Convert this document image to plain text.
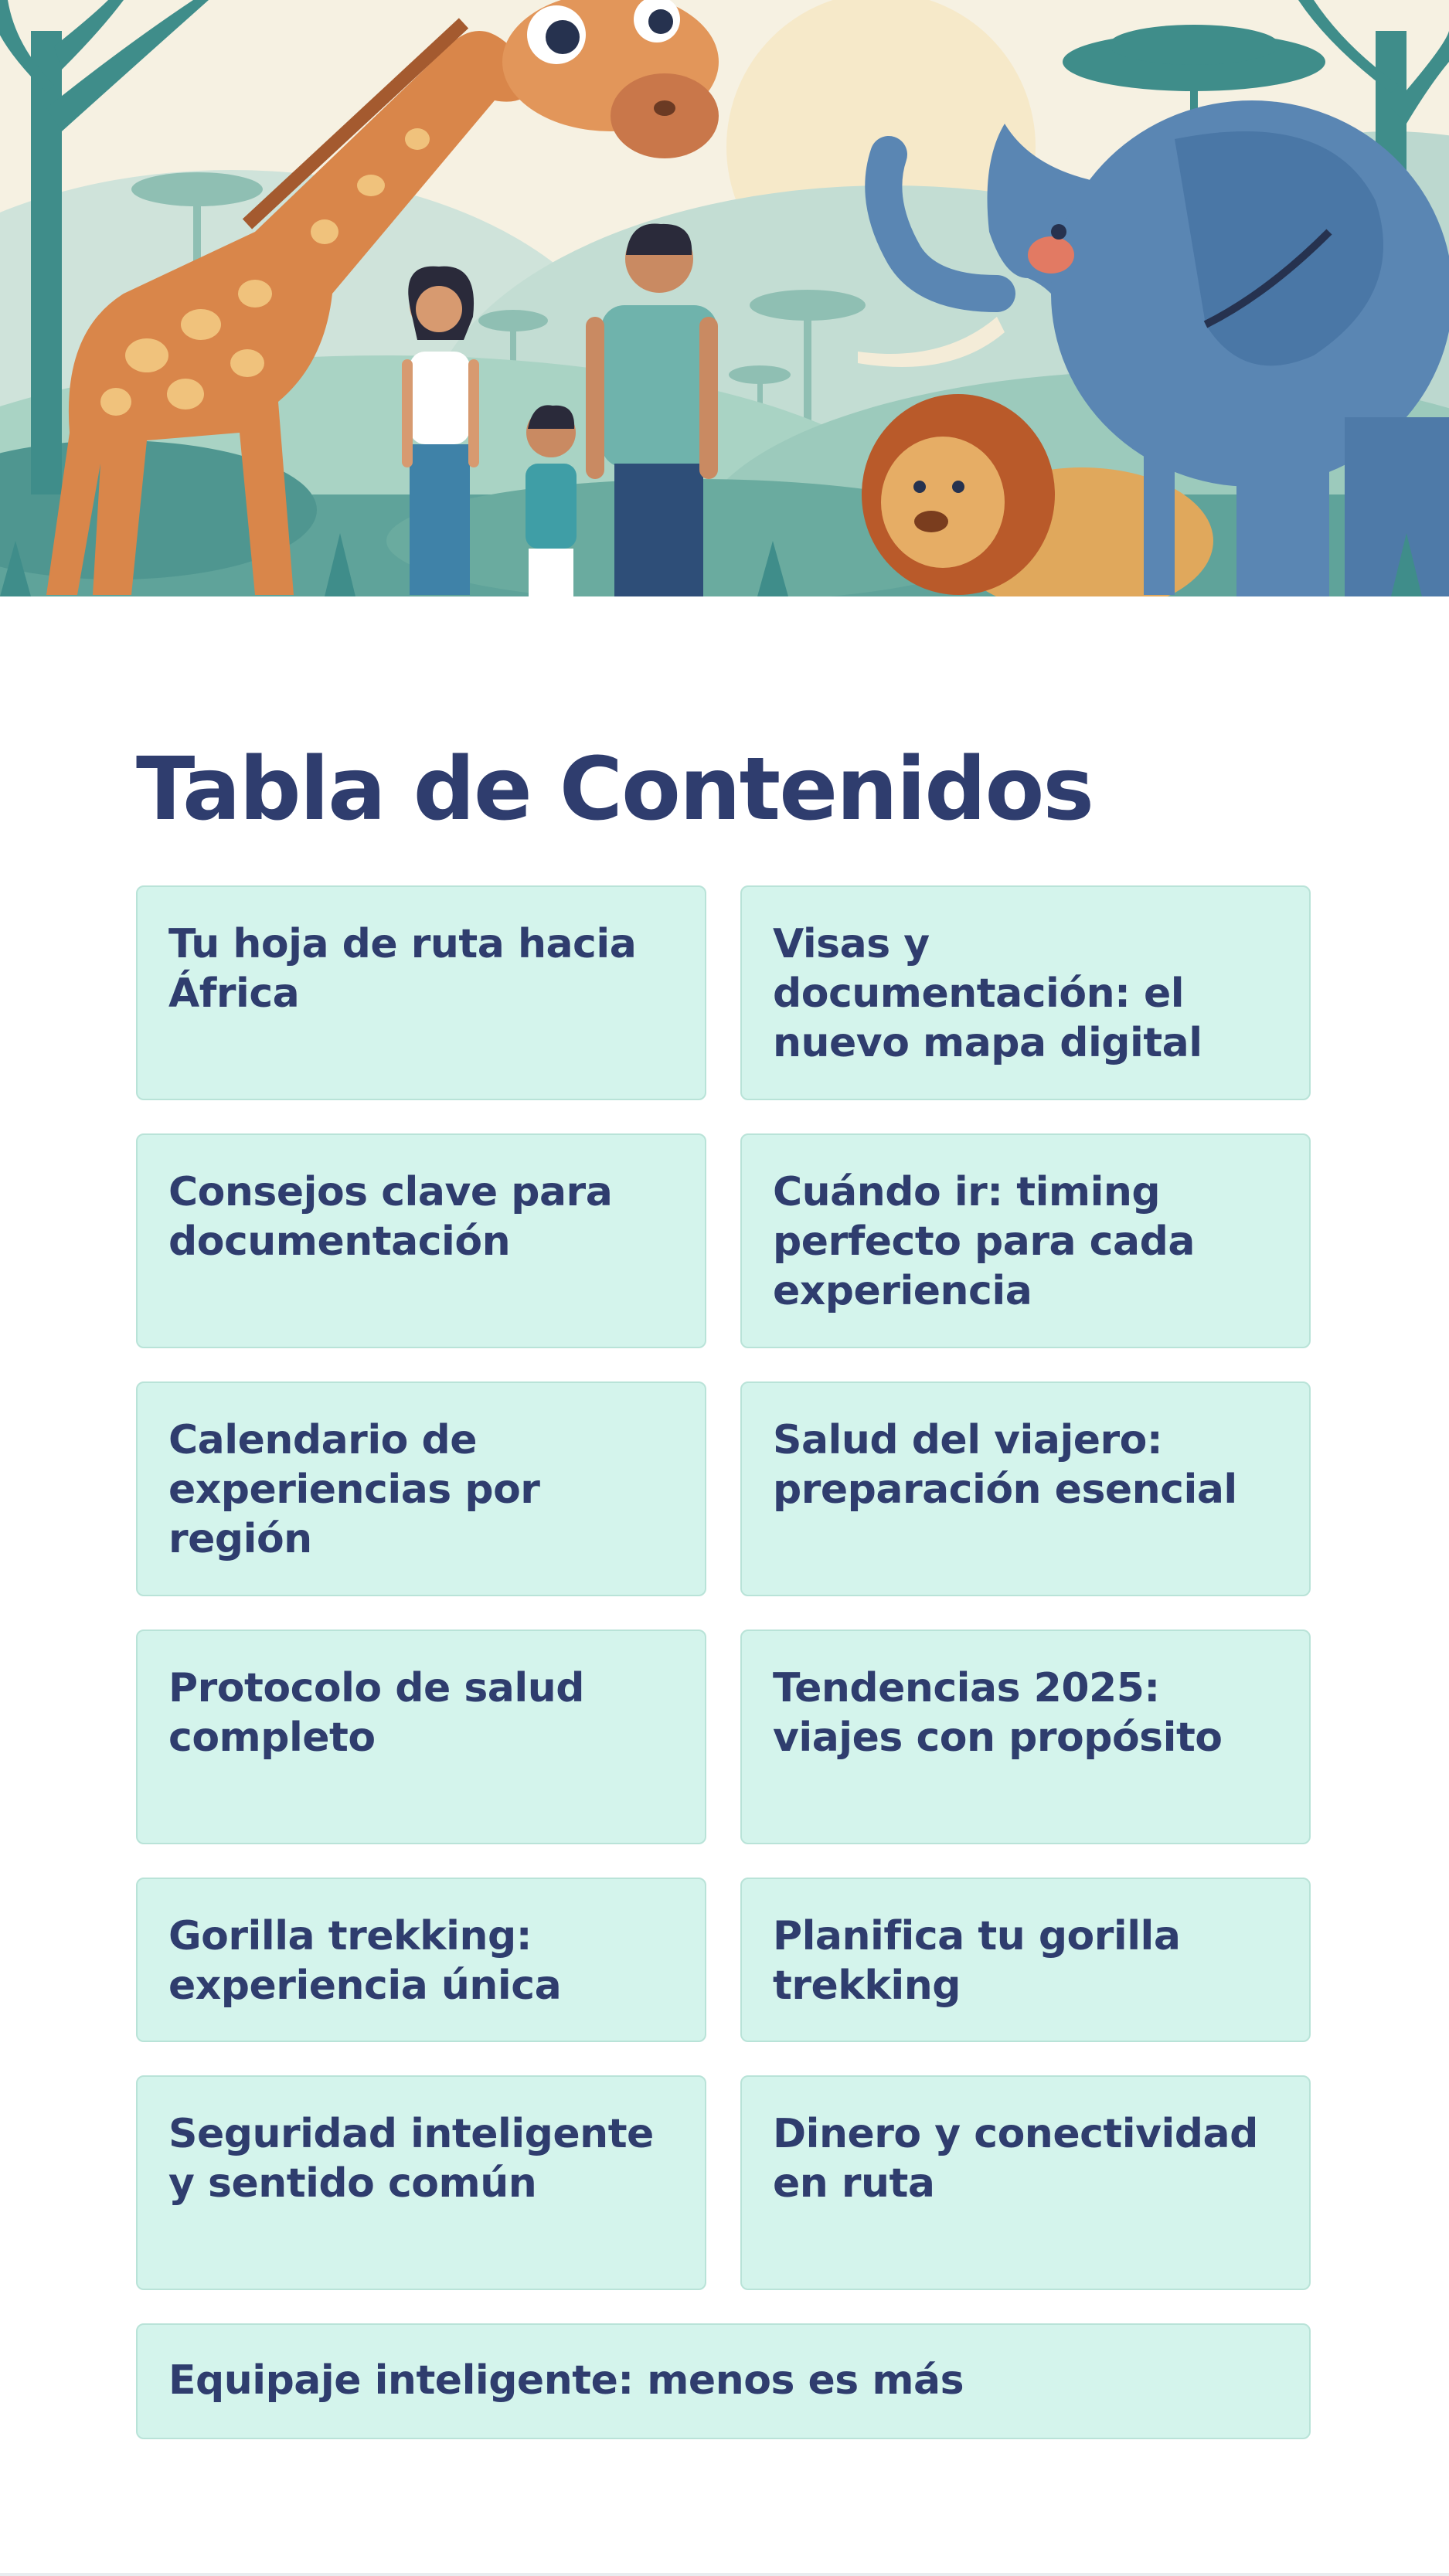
Tabla de Contenidos
Tu hoja de ruta hacia África
Visas y documentación: el nuevo mapa digital
Consejos clave para documentación
Cuándo ir: timing perfecto para cada experiencia
Calendario de experiencias por región
Salud del viajero: preparación esencial
Protocolo de salud completo
Tendencias 2025: viajes con propósito
Gorilla trekking: experiencia única
Planifica tu gorilla trekking
Seguridad inteligente y sentido común
Dinero y conectividad en ruta
Equipaje inteligente: menos es más
